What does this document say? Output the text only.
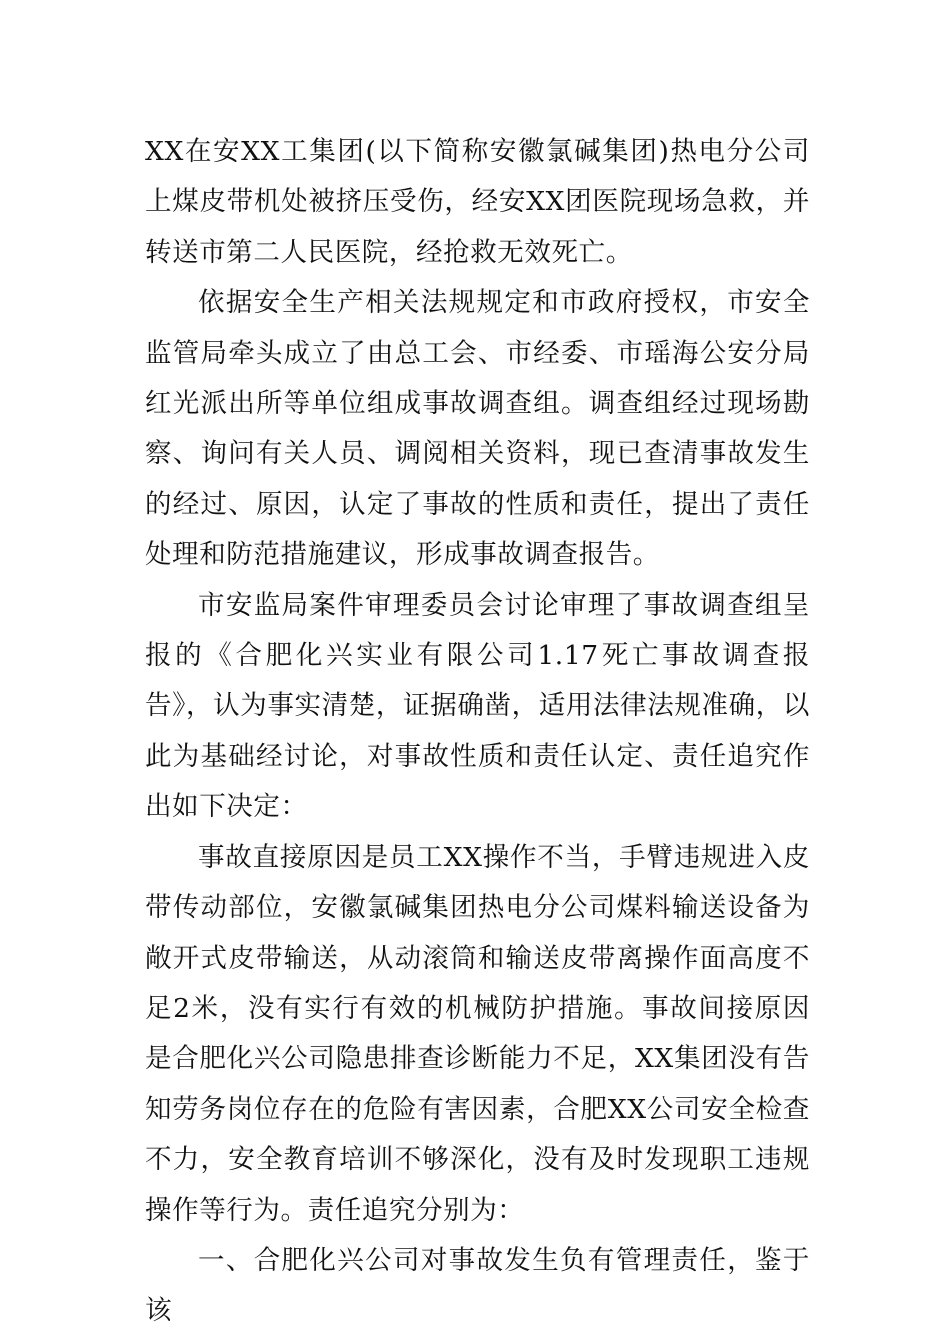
XX在安XX工集团(以下简称安徽氯碱集团)热电分公司上煤皮带机处被挤压受伤，经安XX团医院现场急救，并转送市第二人民医院，经抢救无效死亡。

依据安全生产相关法规规定和市政府授权，市安全监管局牵头成立了由总工会、市经委、市瑶海公安分局红光派出所等单位组成事故调查组。调查组经过现场勘察、询问有关人员、调阅相关资料，现已查清事故发生的经过、原因，认定了事故的性质和责任，提出了责任处理和防范措施建议，形成事故调查报告。

市安监局案件审理委员会讨论审理了事故调查组呈报的《合肥化兴实业有限公司1.17死亡事故调查报告》，认为事实清楚，证据确凿，适用法律法规准确，以此为基础经讨论，对事故性质和责任认定、责任追究作出如下决定：

事故直接原因是员工XX操作不当，手臂违规进入皮带传动部位，安徽氯碱集团热电分公司煤料输送设备为敞开式皮带输送，从动滚筒和输送皮带离操作面高度不足2米，没有实行有效的机械防护措施。事故间接原因是合肥化兴公司隐患排查诊断能力不足，XX集团没有告知劳务岗位存在的危险有害因素，合肥XX公司安全检查不力，安全教育培训不够深化，没有及时发现职工违规操作等行为。责任追究分别为：

一、合肥化兴公司对事故发生负有管理责任，鉴于该
